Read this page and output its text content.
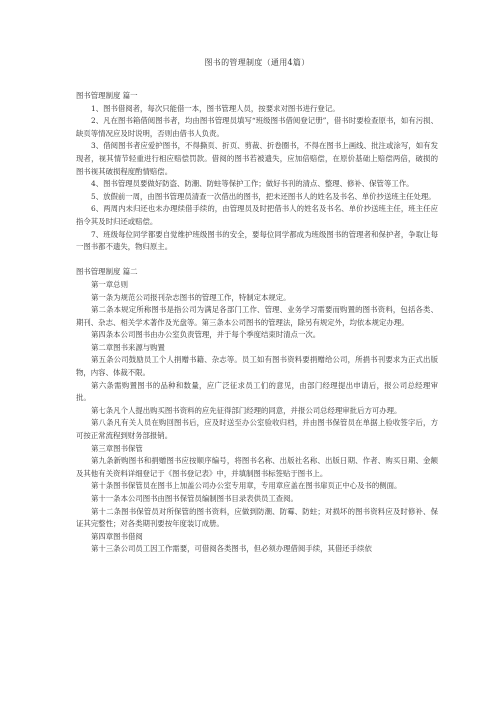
图书的管理制度（通用4篇）

图书管理制度 篇一

1、图书借阅者，每次只能借一本，图书管理人员，按要求对图书进行登记。

2、凡在图书箱借阅图书者，均由图书管理员填写“班级图书借阅登记册”，借书时要检查原书，如有污损、缺页等情况应及时说明，否则由借书人负责。

3、借阅图书者应爱护图书，不得撕页、折页、剪裁、折卷圈书，不得在图书上画线、批注或涂写，如有发现者，视其情节轻重进行相应赔偿罚款。借阅的图书若被遗失，应加倍赔偿，在原价基础上赔偿两倍，破损的图书视其破损程度酌情赔偿。

4、图书管理员要做好防盗、防潮、防蛀等保护工作；做好书刊的清点、整理、修补、保管等工作。

5、放假前一周，由图书管理员清查一次借出的图书，把未还图书人的姓名及书名、单价抄送班主任处理。

6、两周内未归还也未办理续借手续的，由管理员及时把借书人的姓名及书名、单价抄送班主任，班主任应指令其及时归还或赔偿。

7、班级每位同学都要自觉维护班级图书的安全，要每位同学都成为班级图书的管理者和保护者，争取让每一图书都不遗失，物归原主。

图书管理制度 篇二

第一章总则

第一条为规范公司报刊杂志图书的管理工作，特制定本规定。

第二条本规定所称图书是指公司为满足各部门工作、管理、业务学习需要而购置的图书资料，包括各类、期刊、杂志、相关学术著作及光盘等。第三条本公司图书的管理法，除另有规定外，均依本规定办理。

第四条本公司图书由办公室负责管理，并于每个季度结束时清点一次。

第二章图书来源与购置

第五条公司鼓励员工个人捐赠书籍、杂志等。员工如有图书资料要捐赠给公司，所捐书刊要求为正式出版物，内容、体裁不限。

第六条需购置图书的品种和数量，应广泛征求员工们的意见，由部门经理提出申请后，报公司总经理审批。

第七条凡个人提出购买图书资料的应先征得部门经理的同意，并报公司总经理审批后方可办理。

第八条凡有关人员在购回图书后，应及时送至办公室验收归档，并由图书保管员在单据上验收签字后，方可按正常流程到财务部报销。

第三章图书保管

第九条新购图书和捐赠图书应按顺序编号，将图书名称、出版社名称、出版日期、作者、购买日期、金额及其他有关资料详细登记于《图书登记表》中，并填制图书标签贴于图书上。

第十条图书保管员在图书上加盖公司办公室专用章，专用章应盖在图书扉页正中心及书的侧面。

第十一条本公司图书由图书保管员编制图书目录表供员工查阅。

第十二条图书保管员对所保管的图书资料，应做到防潮、防霉、防蛀；对损坏的图书资料应及时修补、保证其完整性；对各类期刊要按年度装订成册。

第四章图书借阅

第十三条公司员工因工作需要，可借阅各类图书，但必须办理借阅手续，其借还手续依
